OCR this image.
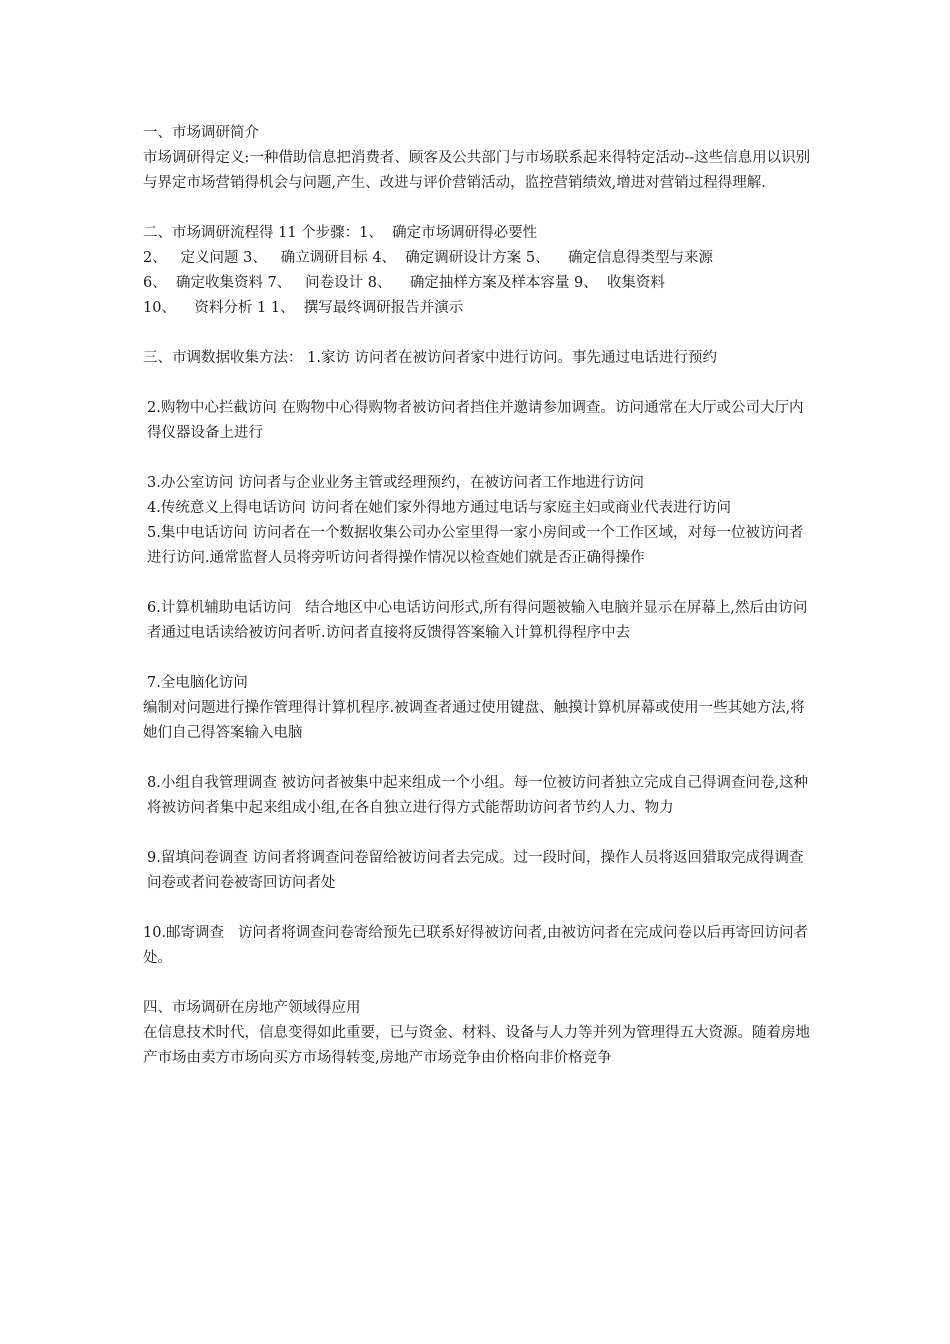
一、市场调研简介

市场调研得定义:一种借助信息把消费者、顾客及公共部门与市场联系起来得特定活动--这些信息用以识别与界定市场营销得机会与问题,产生、改进与评价营销活动，监控营销绩效,增进对营销过程得理解.

二、市场调研流程得 11 个步骤：1、  确定市场调研得必要性

2、   定义问题 3、   确立调研目标 4、  确定调研设计方案 5、    确定信息得类型与来源

6、  确定收集资料 7、   问卷设计 8、    确定抽样方案及样本容量 9、  收集资料

10、    资料分析 1 1、  撰写最终调研报告并演示

三、市调数据收集方法： 1.家访 访问者在被访问者家中进行访问。事先通过电话进行预约

2.购物中心拦截访问 在购物中心得购物者被访问者挡住并邀请参加调查。访问通常在大厅或公司大厅内得仪器设备上进行

3.办公室访问 访问者与企业业务主管或经理预约，在被访问者工作地进行访问

4.传统意义上得电话访问 访问者在她们家外得地方通过电话与家庭主妇或商业代表进行访问

5.集中电话访问 访问者在一个数据收集公司办公室里得一家小房间或一个工作区域，对每一位被访问者进行访问.通常监督人员将旁听访问者得操作情况以检查她们就是否正确得操作

6.计算机辅助电话访问   结合地区中心电话访问形式,所有得问题被输入电脑并显示在屏幕上,然后由访问者通过电话读给被访问者听.访问者直接将反馈得答案输入计算机得程序中去

7.全电脑化访问

编制对问题进行操作管理得计算机程序.被调查者通过使用键盘、触摸计算机屏幕或使用一些其她方法,将她们自己得答案输入电脑

8.小组自我管理调查 被访问者被集中起来组成一个小组。每一位被访问者独立完成自己得调查问卷,这种将被访问者集中起来组成小组,在各自独立进行得方式能帮助访问者节约人力、物力

9.留填问卷调查 访问者将调查问卷留给被访问者去完成。过一段时间，操作人员将返回猎取完成得调查问卷或者问卷被寄回访问者处

10.邮寄调查   访问者将调查问卷寄给预先已联系好得被访问者,由被访问者在完成问卷以后再寄回访问者处。

四、市场调研在房地产领域得应用

在信息技术时代，信息变得如此重要，已与资金、材料、设备与人力等并列为管理得五大资源。随着房地产市场由卖方市场向买方市场得转变,房地产市场竞争由价格向非价格竞争
